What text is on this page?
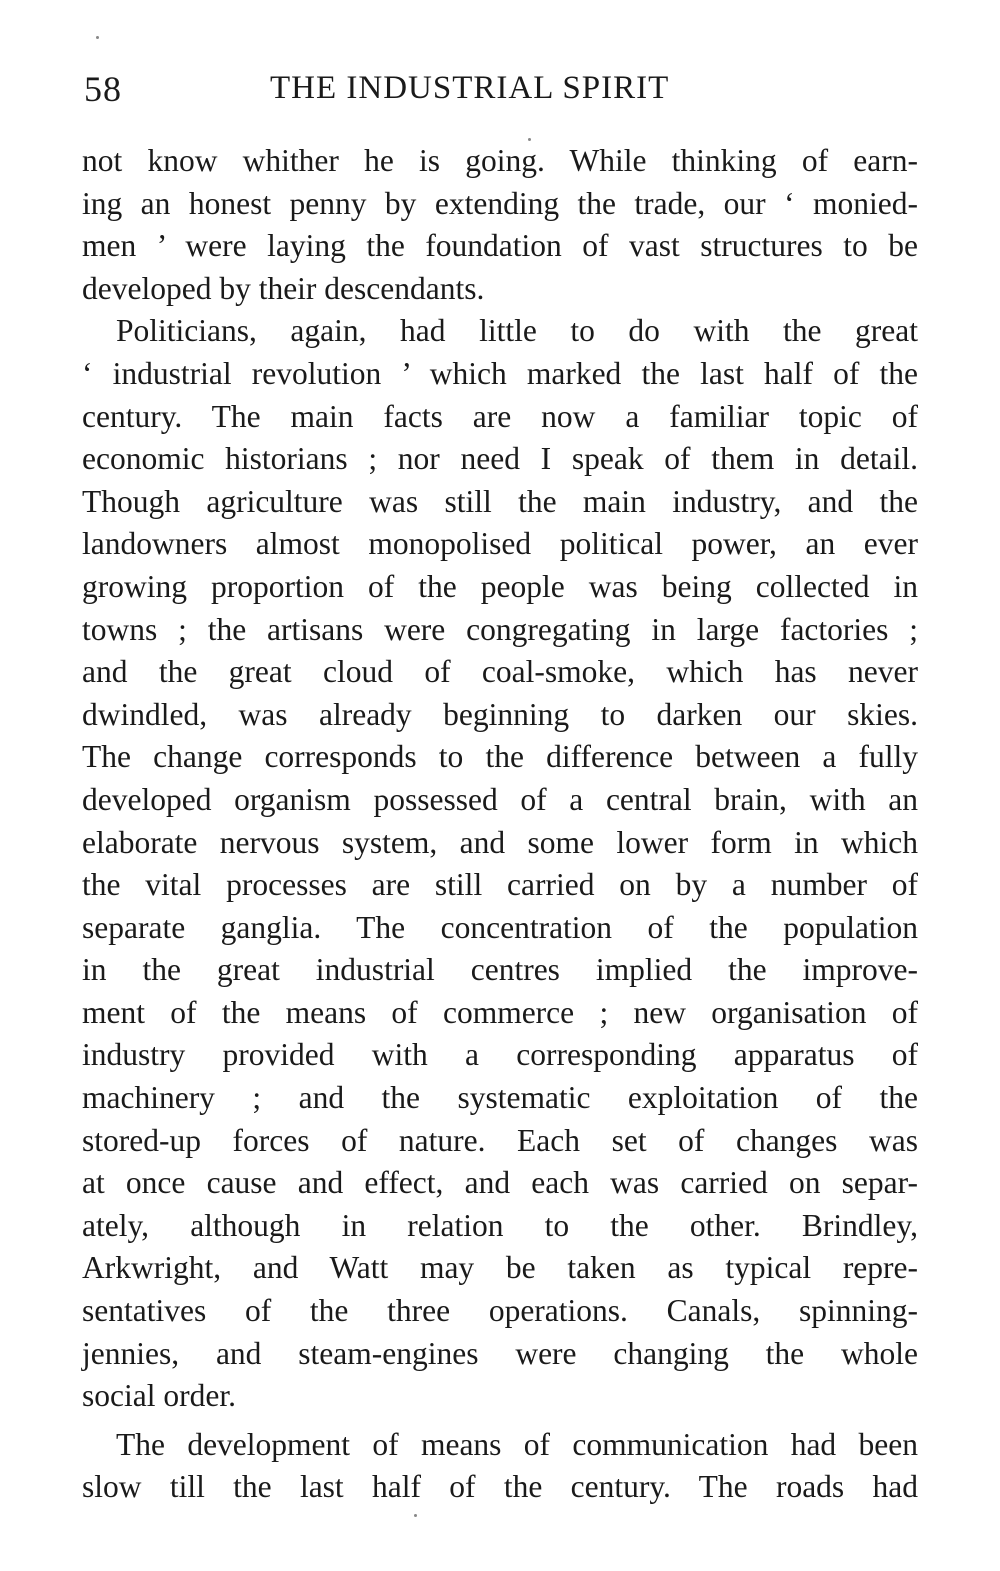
58	THE INDUSTRIAL SPIRIT
not know whither he is going. While thinking of earn-
ing an honest penny by extending the trade, our ‘ monied-
men ’ were laying the foundation of vast structures to be
developed by their descendants.
Politicians, again, had little to do with the great
‘ industrial revolution ’ which marked the last half of the
century. The main facts are now a familiar topic of
economic historians ; nor need I speak of them in detail.
Though agriculture was still the main industry, and the
landowners almost monopolised political power, an ever
growing proportion of the people was being collected in
towns ; the artisans were congregating in large factories ;
and the great cloud of coal-smoke, which has never
dwindled, was already beginning to darken our skies.
The change corresponds to the difference between a fully
developed organism possessed of a central brain, with an
elaborate nervous system, and some lower form in which
the vital processes are still carried on by a number of
separate ganglia. The concentration of the population
in the great industrial centres implied the improve-
ment of the means of commerce ; new organisation of
industry provided with a corresponding apparatus of
machinery ; and the systematic exploitation of the
stored-up forces of nature. Each set of changes was
at once cause and effect, and each was carried on separ-
ately, although in relation to the other. Brindley,
Arkwright, and Watt may be taken as typical repre-
sentatives of the three operations. Canals, spinning-
jennies, and steam-engines were changing the whole
social order.
The development of means of communication had been
slow till the last half of the century. The roads had
